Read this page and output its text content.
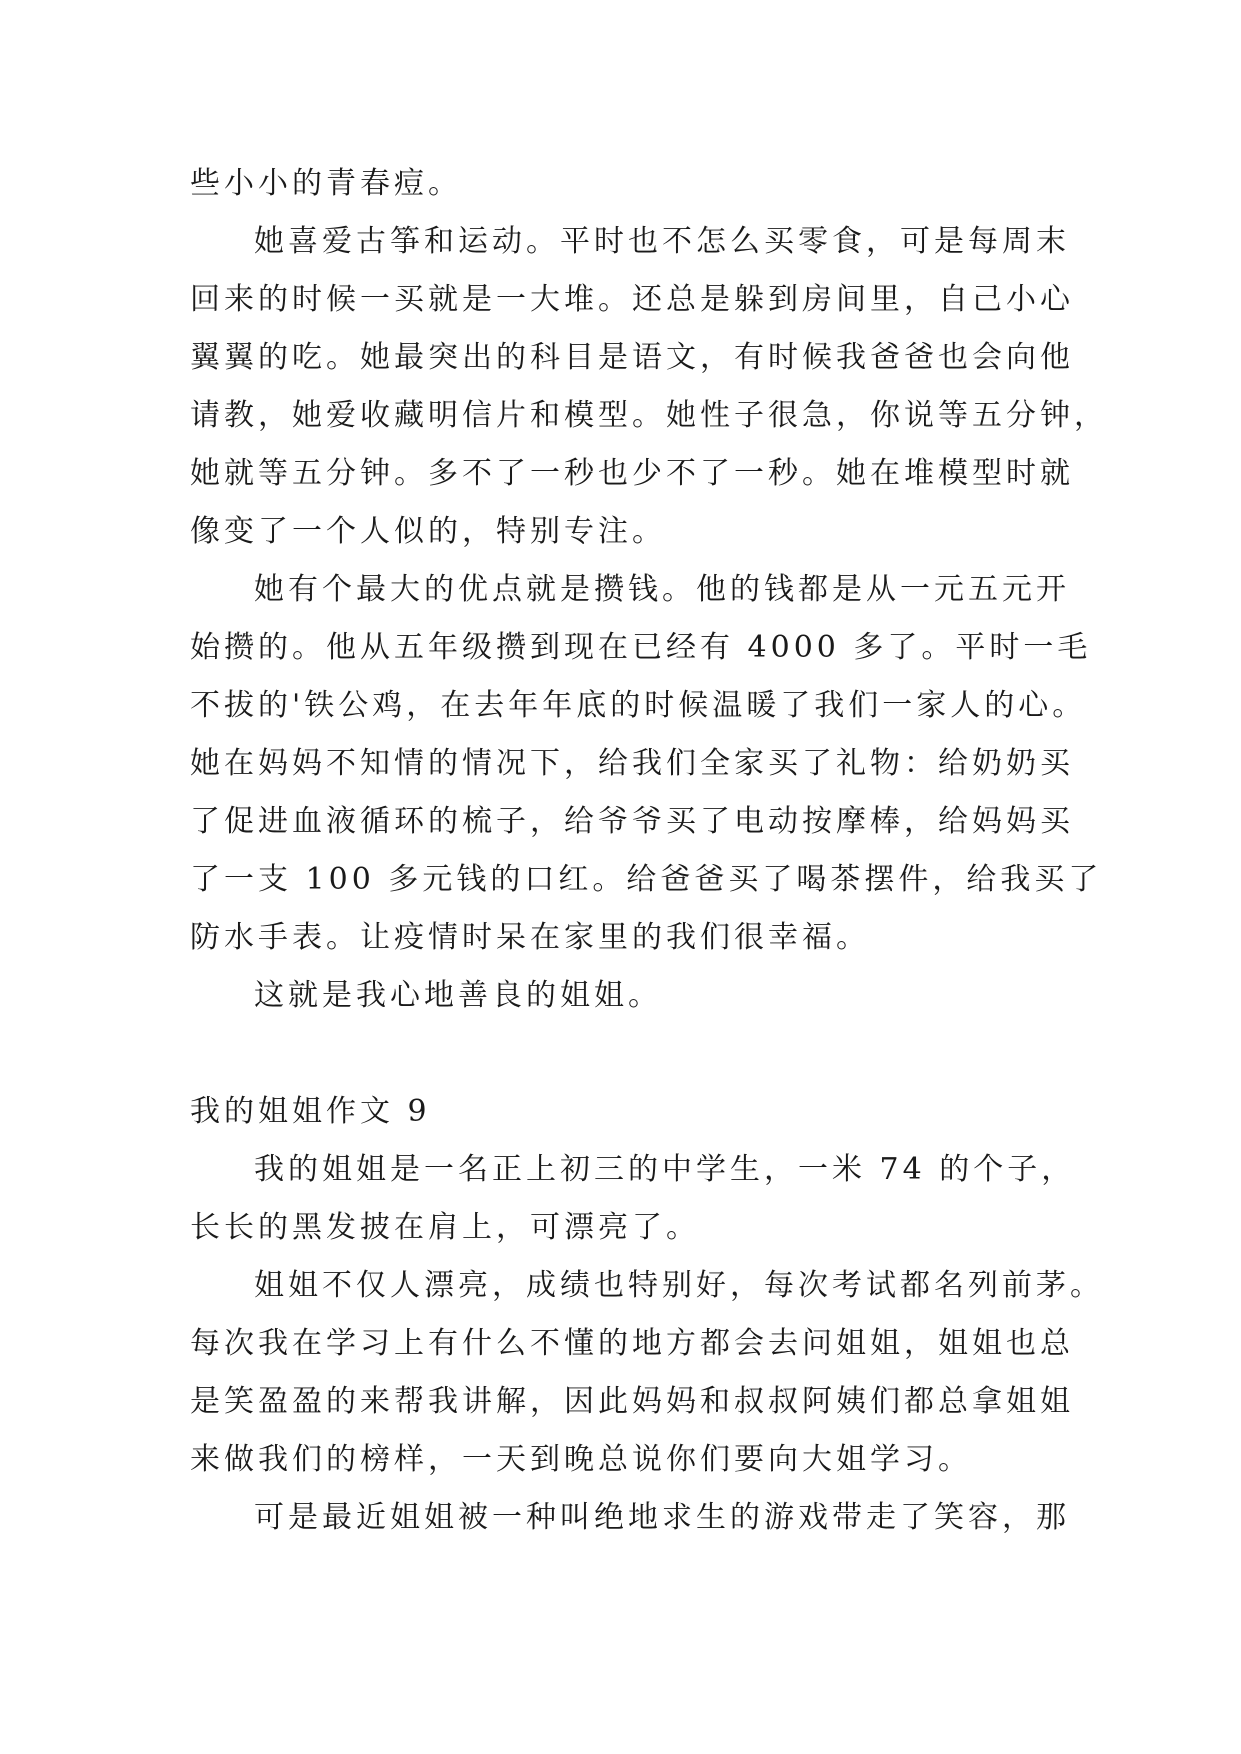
些小小的青春痘。

她喜爱古筝和运动。平时也不怎么买零食，可是每周末

回来的时候一买就是一大堆。还总是躲到房间里，自己小心

翼翼的吃。她最突出的科目是语文，有时候我爸爸也会向他

请教，她爱收藏明信片和模型。她性子很急，你说等五分钟，

她就等五分钟。多不了一秒也少不了一秒。她在堆模型时就

像变了一个人似的，特别专注。

她有个最大的优点就是攒钱。他的钱都是从一元五元开

始攒的。他从五年级攒到现在已经有 4000 多了。平时一毛

不拔的'铁公鸡，在去年年底的时候温暖了我们一家人的心。

她在妈妈不知情的情况下，给我们全家买了礼物：给奶奶买

了促进血液循环的梳子，给爷爷买了电动按摩棒，给妈妈买

了一支 100 多元钱的口红。给爸爸买了喝茶摆件，给我买了

防水手表。让疫情时呆在家里的我们很幸福。

这就是我心地善良的姐姐。

我的姐姐作文 9

我的姐姐是一名正上初三的中学生，一米 74 的个子，

长长的黑发披在肩上，可漂亮了。

姐姐不仅人漂亮，成绩也特别好，每次考试都名列前茅。

每次我在学习上有什么不懂的地方都会去问姐姐，姐姐也总

是笑盈盈的来帮我讲解，因此妈妈和叔叔阿姨们都总拿姐姐

来做我们的榜样，一天到晚总说你们要向大姐学习。

可是最近姐姐被一种叫绝地求生的游戏带走了笑容，那
